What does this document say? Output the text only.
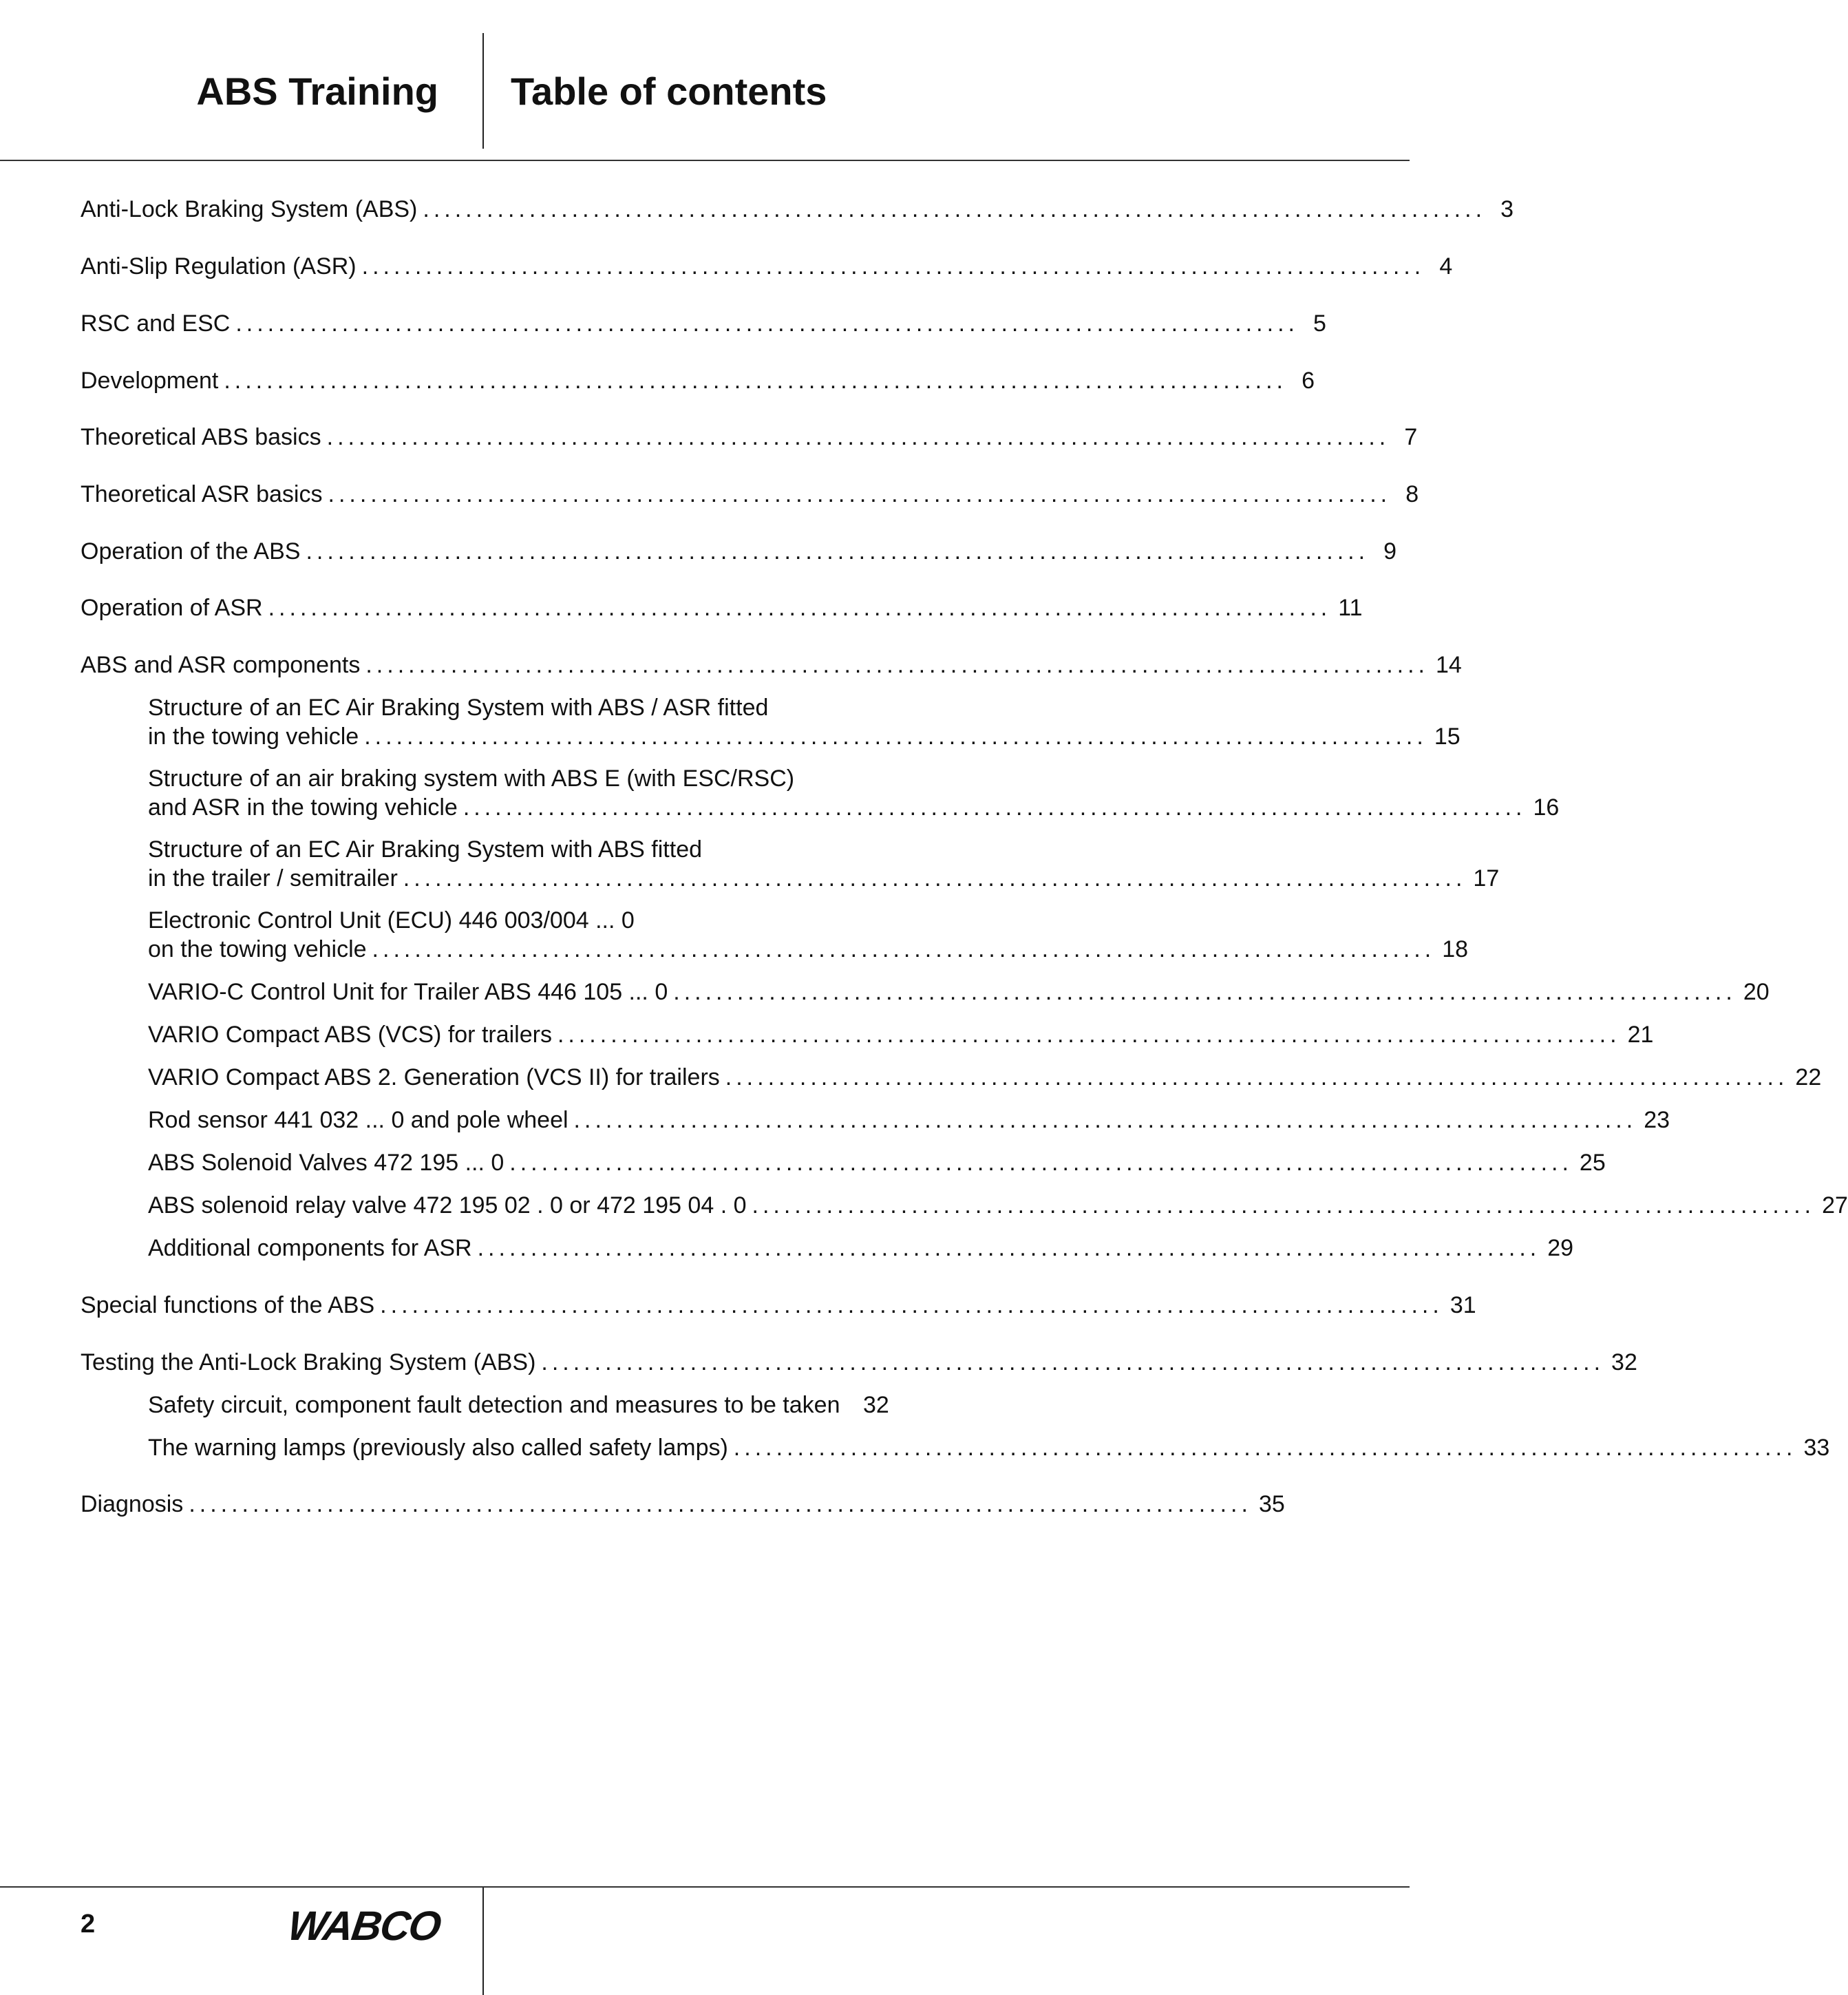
ABS Training Table of contents
Anti-Lock Braking System (ABS) .................................................................................................... 3
Anti-Slip Regulation (ASR) .................................................................................................... 4
RSC and ESC .................................................................................................... 5
Development .................................................................................................... 6
Theoretical ABS basics .................................................................................................... 7
Theoretical ASR basics .................................................................................................... 8
Operation of the ABS .................................................................................................... 9
Operation of ASR .................................................................................................... 11
ABS and ASR components .................................................................................................... 14
Structure of an EC Air Braking System with ABS / ASR fitted
in the towing vehicle .................................................................................................... 15
Structure of an air braking system with ABS E (with ESC/RSC)
and ASR in the towing vehicle .................................................................................................... 16
Structure of an EC Air Braking System with ABS fitted
in the trailer / semitrailer .................................................................................................... 17
Electronic Control Unit (ECU) 446 003/004 ... 0
on the towing vehicle .................................................................................................... 18
VARIO-C Control Unit for Trailer ABS 446 105 ... 0 .................................................................................................... 20
VARIO Compact ABS (VCS) for trailers .................................................................................................... 21
VARIO Compact ABS 2. Generation (VCS II) for trailers .................................................................................................... 22
Rod sensor 441 032 ... 0 and pole wheel .................................................................................................... 23
ABS Solenoid Valves 472 195 ... 0 .................................................................................................... 25
ABS solenoid relay valve 472 195 02 . 0 or 472 195 04 . 0 .................................................................................................... 27
Additional components for ASR .................................................................................................... 29
Special functions of the ABS .................................................................................................... 31
Testing the Anti-Lock Braking System (ABS) .................................................................................................... 32
Safety circuit, component fault detection and measures to be taken 32
The warning lamps (previously also called safety lamps) .................................................................................................... 33
Diagnosis .................................................................................................... 35
2	WABCO
